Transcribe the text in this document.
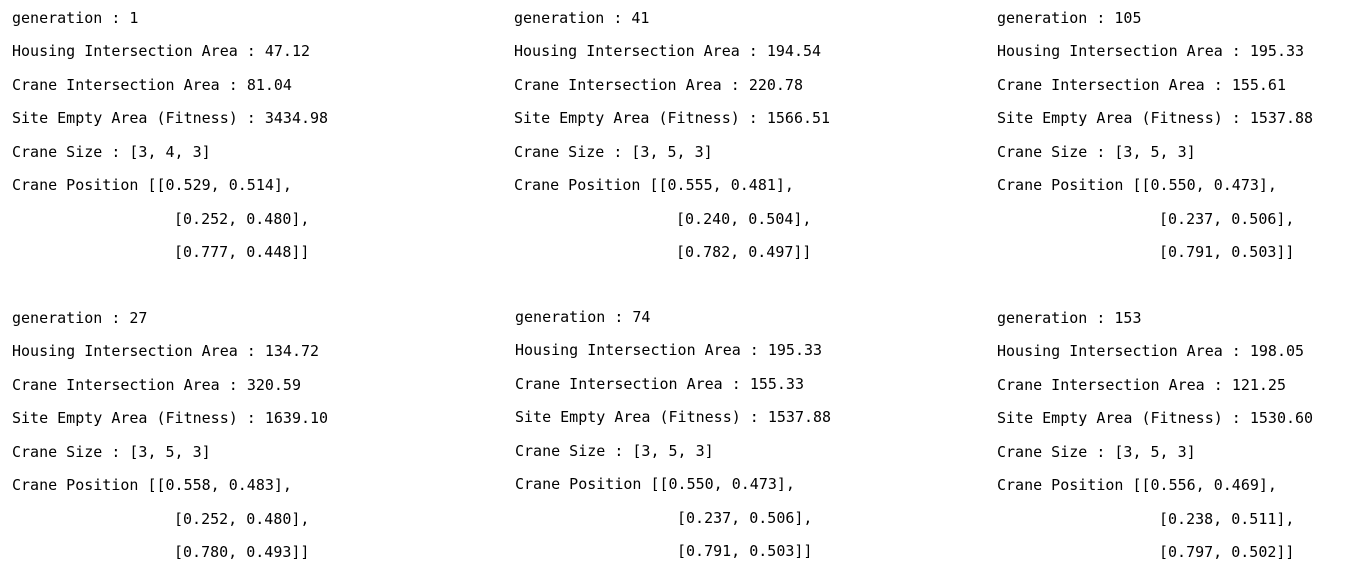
generation : 1
Housing Intersection Area : 47.12
Crane Intersection Area : 81.04
Site Empty Area (Fitness) : 3434.98
Crane Size : [3, 4, 3]
Crane Position [[0.529, 0.514],
[0.252, 0.480],
[0.777, 0.448]]
generation : 41
Housing Intersection Area : 194.54
Crane Intersection Area : 220.78
Site Empty Area (Fitness) : 1566.51
Crane Size : [3, 5, 3]
Crane Position [[0.555, 0.481],
[0.240, 0.504],
[0.782, 0.497]]
generation : 105
Housing Intersection Area : 195.33
Crane Intersection Area : 155.61
Site Empty Area (Fitness) : 1537.88
Crane Size : [3, 5, 3]
Crane Position [[0.550, 0.473],
[0.237, 0.506],
[0.791, 0.503]]
generation : 27
Housing Intersection Area : 134.72
Crane Intersection Area : 320.59
Site Empty Area (Fitness) : 1639.10
Crane Size : [3, 5, 3]
Crane Position [[0.558, 0.483],
[0.252, 0.480],
[0.780, 0.493]]
generation : 74
Housing Intersection Area : 195.33
Crane Intersection Area : 155.33
Site Empty Area (Fitness) : 1537.88
Crane Size : [3, 5, 3]
Crane Position [[0.550, 0.473],
[0.237, 0.506],
[0.791, 0.503]]
generation : 153
Housing Intersection Area : 198.05
Crane Intersection Area : 121.25
Site Empty Area (Fitness) : 1530.60
Crane Size : [3, 5, 3]
Crane Position [[0.556, 0.469],
[0.238, 0.511],
[0.797, 0.502]]
